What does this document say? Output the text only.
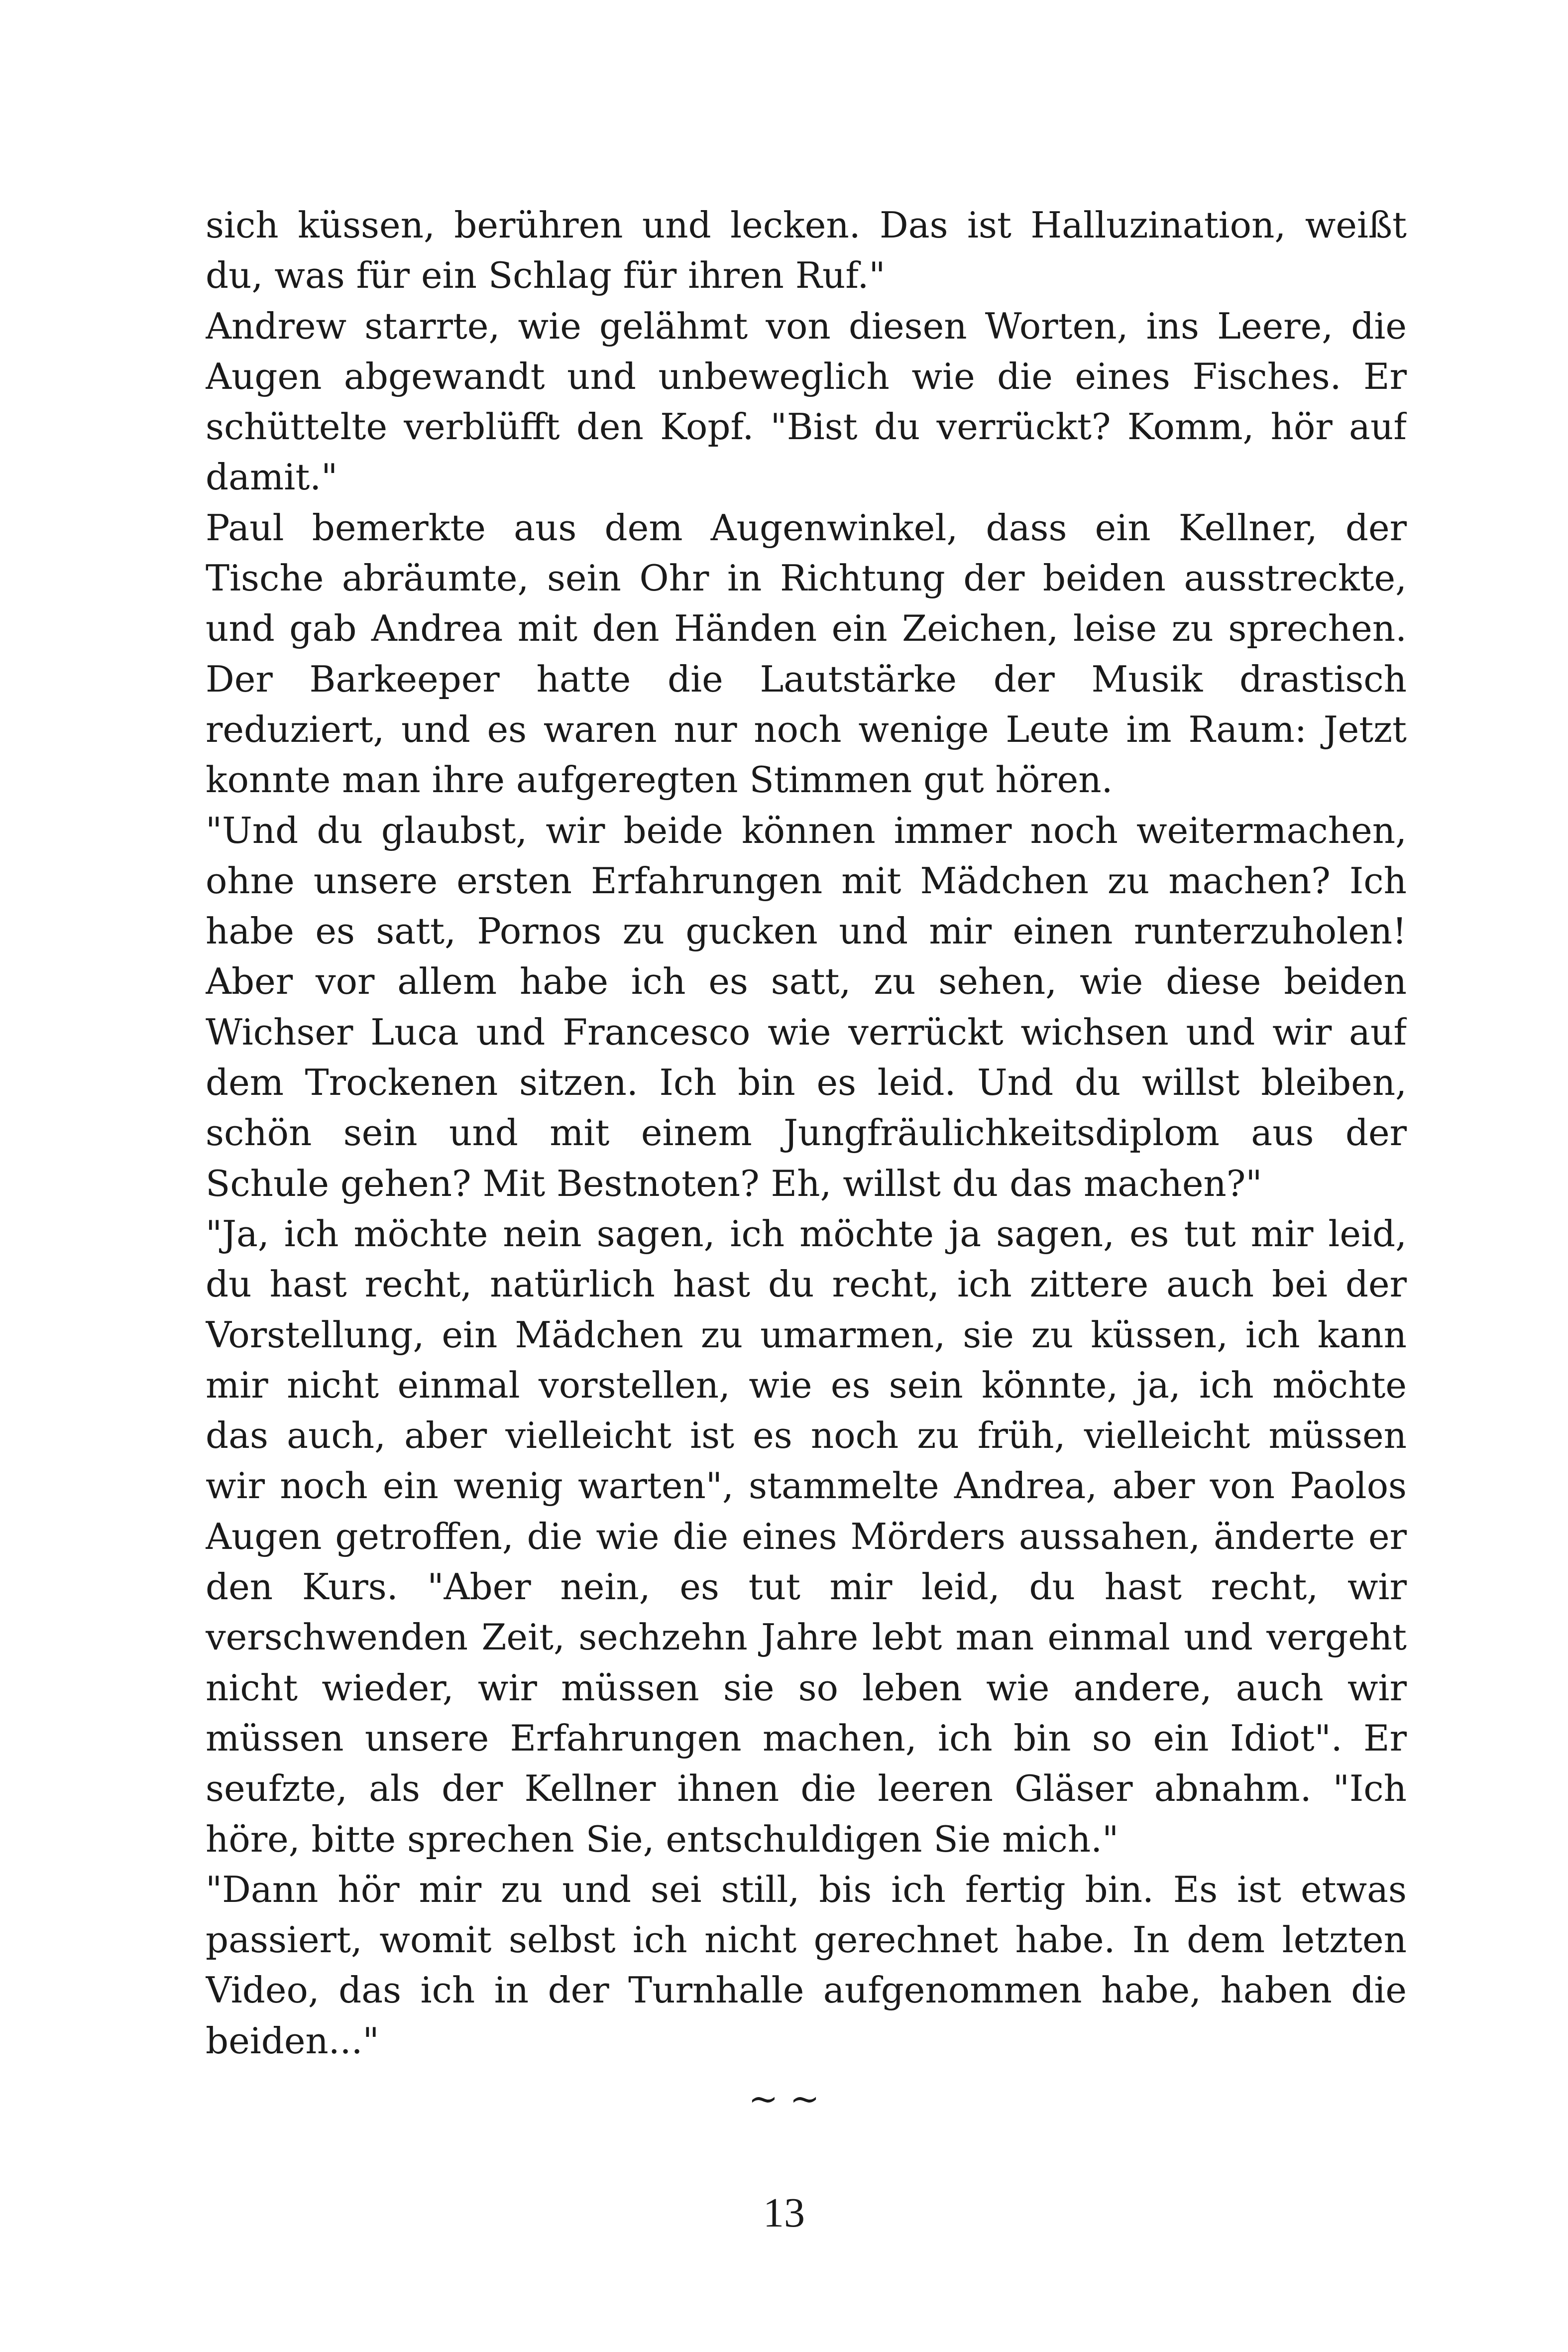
sich küssen, berühren und lecken. Das ist Halluzination, weißt
du, was für ein Schlag für ihren Ruf."
Andrew starrte, wie gelähmt von diesen Worten, ins Leere, die
Augen abgewandt und unbeweglich wie die eines Fisches. Er
schüttelte verblüfft den Kopf. "Bist du verrückt? Komm, hör auf
damit."
Paul bemerkte aus dem Augenwinkel, dass ein Kellner, der
Tische abräumte, sein Ohr in Richtung der beiden ausstreckte,
und gab Andrea mit den Händen ein Zeichen, leise zu sprechen.
Der Barkeeper hatte die Lautstärke der Musik drastisch
reduziert, und es waren nur noch wenige Leute im Raum: Jetzt
konnte man ihre aufgeregten Stimmen gut hören.
"Und du glaubst, wir beide können immer noch weitermachen,
ohne unsere ersten Erfahrungen mit Mädchen zu machen? Ich
habe es satt, Pornos zu gucken und mir einen runterzuholen!
Aber vor allem habe ich es satt, zu sehen, wie diese beiden
Wichser Luca und Francesco wie verrückt wichsen und wir auf
dem Trockenen sitzen. Ich bin es leid. Und du willst bleiben,
schön sein und mit einem Jungfräulichkeitsdiplom aus der
Schule gehen? Mit Bestnoten? Eh, willst du das machen?"
"Ja, ich möchte nein sagen, ich möchte ja sagen, es tut mir leid,
du hast recht, natürlich hast du recht, ich zittere auch bei der
Vorstellung, ein Mädchen zu umarmen, sie zu küssen, ich kann
mir nicht einmal vorstellen, wie es sein könnte, ja, ich möchte
das auch, aber vielleicht ist es noch zu früh, vielleicht müssen
wir noch ein wenig warten", stammelte Andrea, aber von Paolos
Augen getroffen, die wie die eines Mörders aussahen, änderte er
den Kurs. "Aber nein, es tut mir leid, du hast recht, wir
verschwenden Zeit, sechzehn Jahre lebt man einmal und vergeht
nicht wieder, wir müssen sie so leben wie andere, auch wir
müssen unsere Erfahrungen machen, ich bin so ein Idiot". Er
seufzte, als der Kellner ihnen die leeren Gläser abnahm. "Ich
höre, bitte sprechen Sie, entschuldigen Sie mich."
"Dann hör mir zu und sei still, bis ich fertig bin. Es ist etwas
passiert, womit selbst ich nicht gerechnet habe. In dem letzten
Video, das ich in der Turnhalle aufgenommen habe, haben die
beiden..."
~ ~
13
